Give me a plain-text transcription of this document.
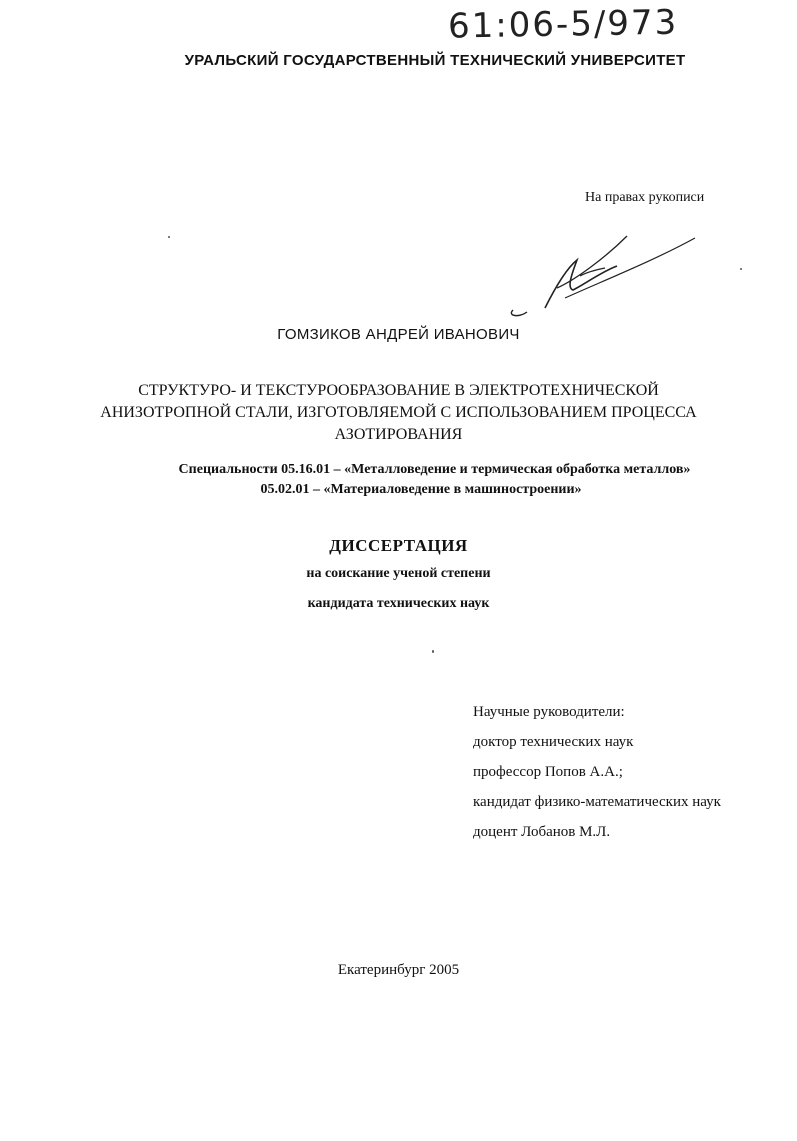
61:06-5/973
УРАЛЬСКИЙ ГОСУДАРСТВЕННЫЙ ТЕХНИЧЕСКИЙ УНИВЕРСИТЕТ
На правах рукописи
ГОМЗИКОВ АНДРЕЙ ИВАНОВИЧ
СТРУКТУРО- И ТЕКСТУРООБРАЗОВАНИЕ В ЭЛЕКТРОТЕХНИЧЕСКОЙ
АНИЗОТРОПНОЙ СТАЛИ, ИЗГОТОВЛЯЕМОЙ С ИСПОЛЬЗОВАНИЕМ ПРОЦЕССА
АЗОТИРОВАНИЯ
Специальности 05.16.01 – «Металловедение и термическая обработка металлов»
05.02.01 – «Материаловедение в машиностроении»
ДИССЕРТАЦИЯ
на соискание ученой степени
кандидата технических наук
Научные руководители:
доктор технических наук
профессор Попов А.А.;
кандидат физико-математических наук
доцент Лобанов М.Л.
Екатеринбург 2005
